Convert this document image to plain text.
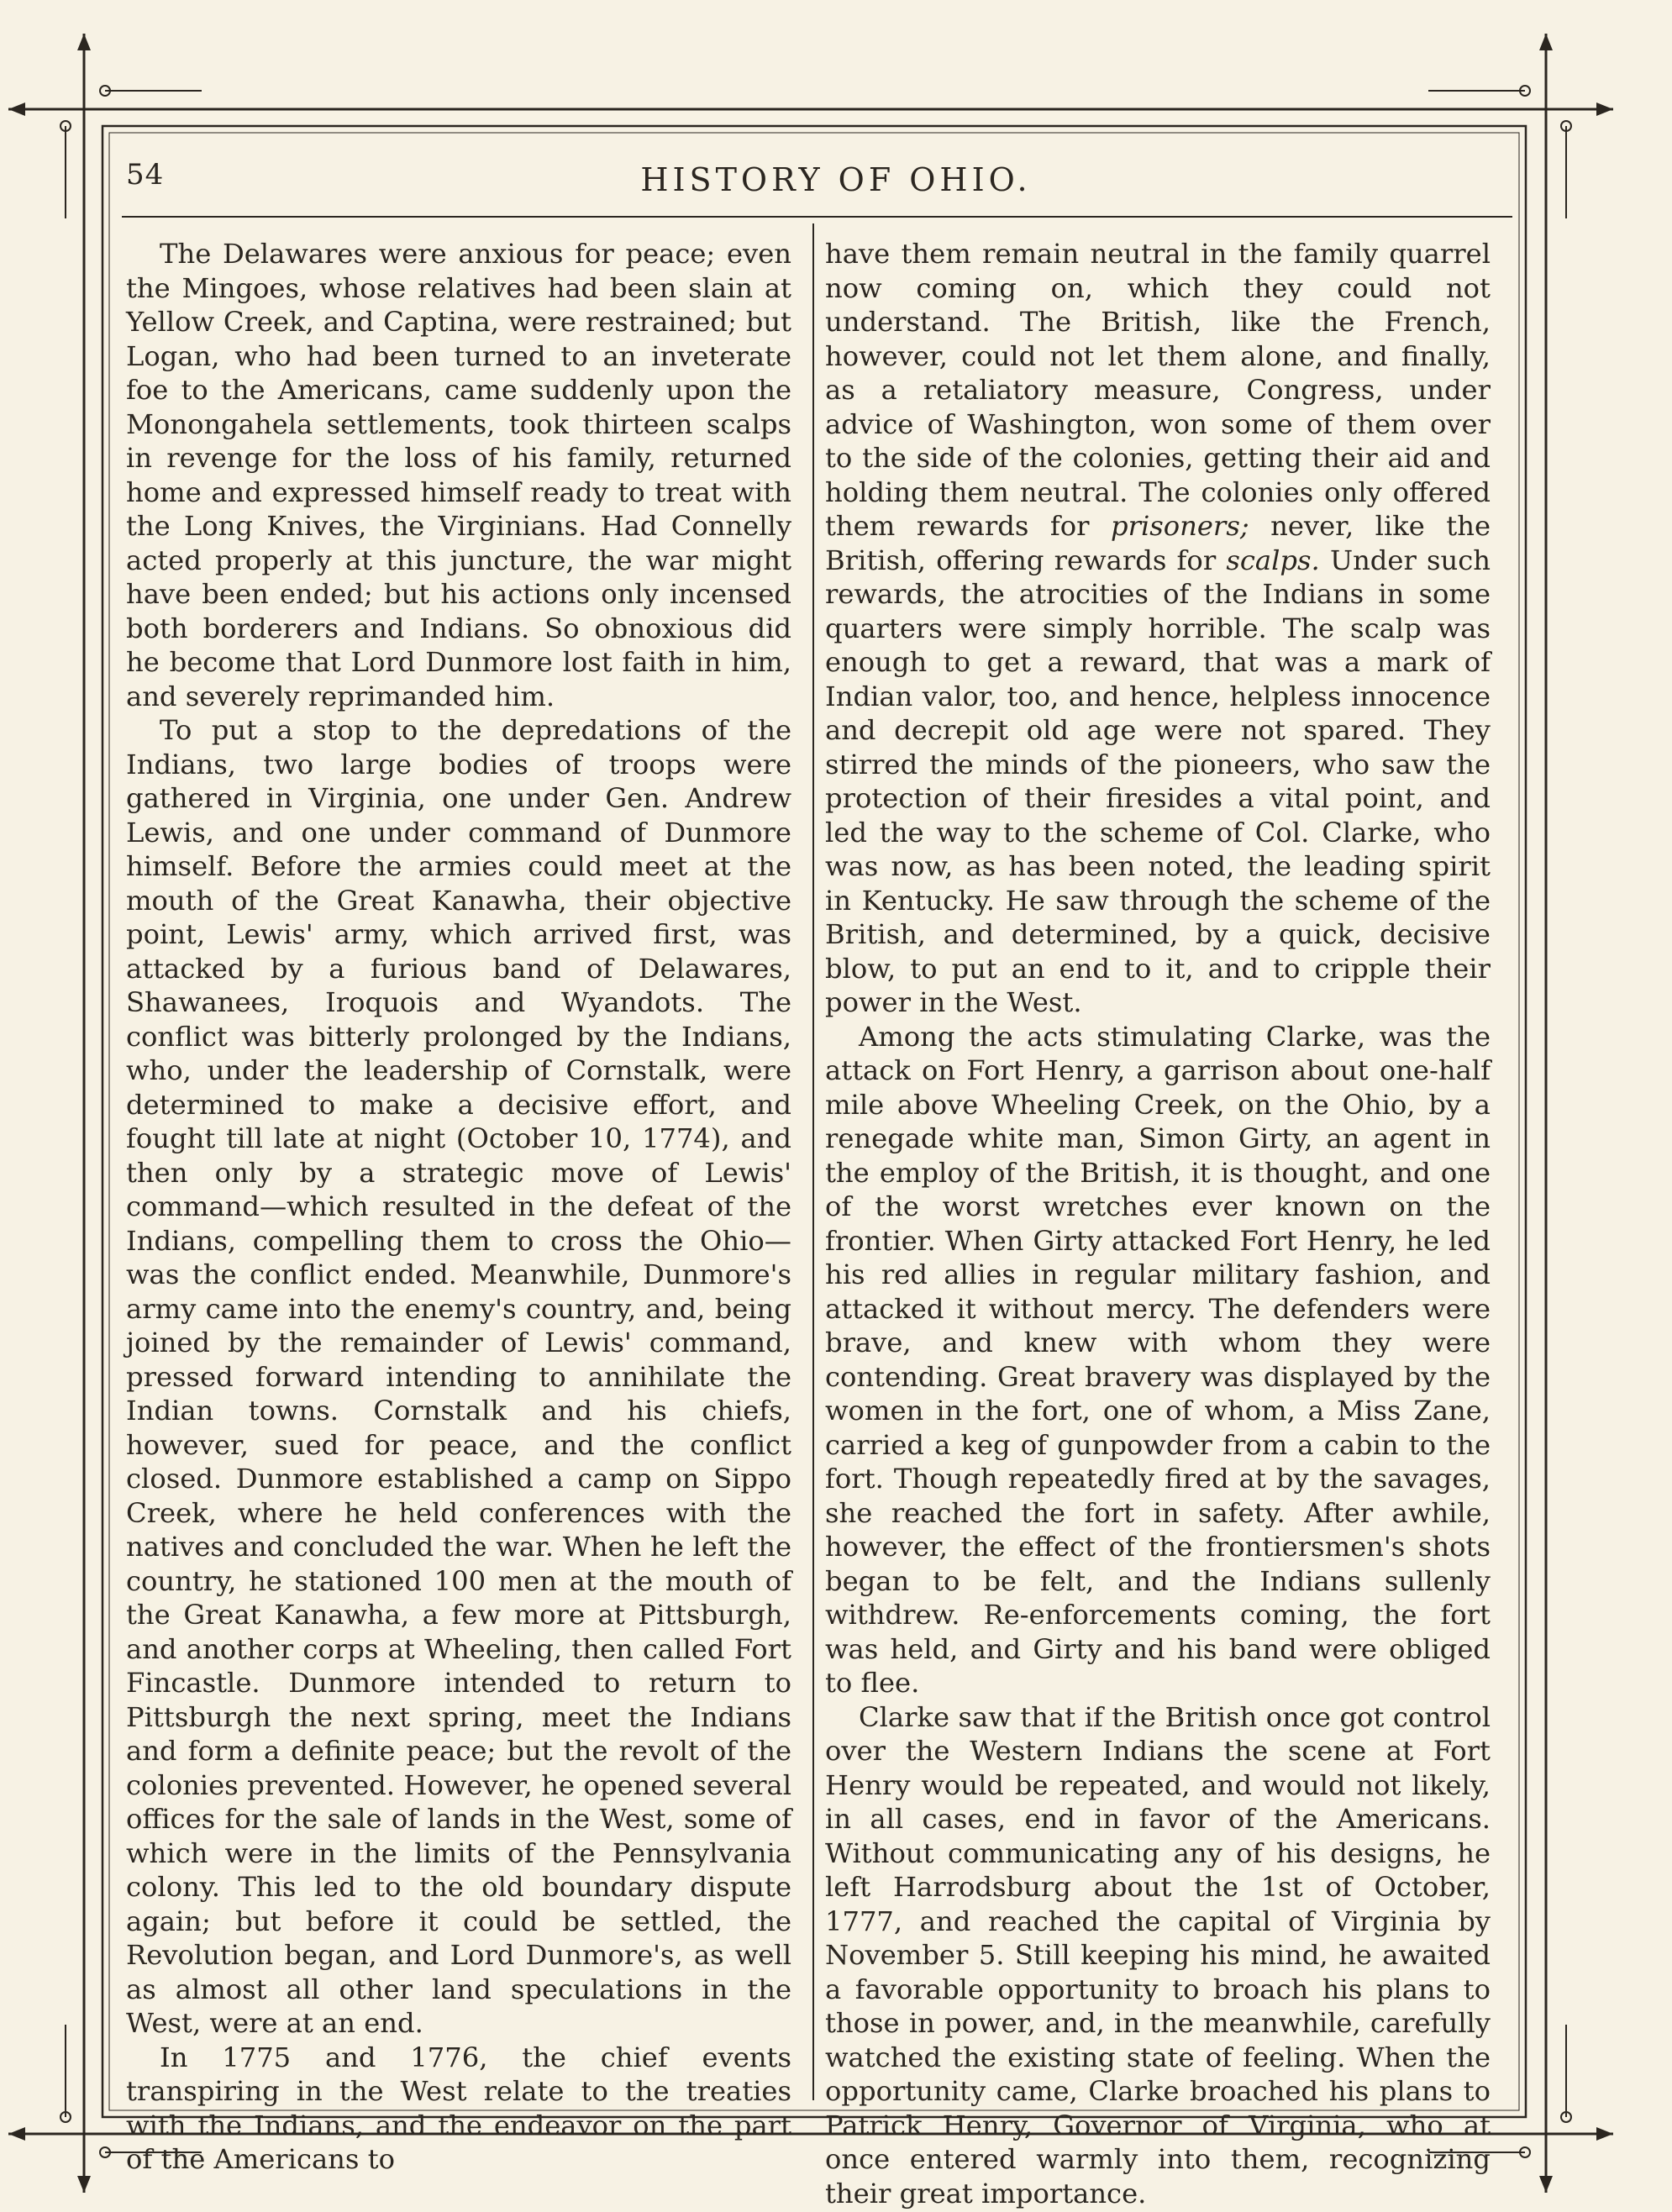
54	HISTORY OF OHIO.

The Delawares were anxious for peace; even the Mingoes, whose relatives had been slain at Yellow Creek, and Captina, were restrained; but Logan, who had been turned to an inveterate foe to the Americans, came suddenly upon the Monongahela settlements, took thirteen scalps in revenge for the loss of his family, returned home and expressed himself ready to treat with the Long Knives, the Virginians. Had Connelly acted properly at this juncture, the war might have been ended; but his actions only incensed both borderers and Indians. So obnoxious did he become that Lord Dunmore lost faith in him, and severely reprimanded him.

To put a stop to the depredations of the Indians, two large bodies of troops were gathered in Virginia, one under Gen. Andrew Lewis, and one under command of Dunmore himself. Before the armies could meet at the mouth of the Great Kanawha, their objective point, Lewis' army, which arrived first, was attacked by a furious band of Delawares, Shawanees, Iroquois and Wyandots. The conflict was bitterly prolonged by the Indians, who, under the leadership of Cornstalk, were determined to make a decisive effort, and fought till late at night (October 10, 1774), and then only by a strategic move of Lewis' command—which resulted in the defeat of the Indians, compelling them to cross the Ohio—was the conflict ended. Meanwhile, Dunmore's army came into the enemy's country, and, being joined by the remainder of Lewis' command, pressed forward intending to annihilate the Indian towns. Cornstalk and his chiefs, however, sued for peace, and the conflict closed. Dunmore established a camp on Sippo Creek, where he held conferences with the natives and concluded the war. When he left the country, he stationed 100 men at the mouth of the Great Kanawha, a few more at Pittsburgh, and another corps at Wheeling, then called Fort Fincastle. Dunmore intended to return to Pittsburgh the next spring, meet the Indians and form a definite peace; but the revolt of the colonies prevented. However, he opened several offices for the sale of lands in the West, some of which were in the limits of the Pennsylvania colony. This led to the old boundary dispute again; but before it could be settled, the Revolution began, and Lord Dunmore's, as well as almost all other land speculations in the West, were at an end.

In 1775 and 1776, the chief events transpiring in the West relate to the treaties with the Indians, and the endeavor on the part of the Americans to

have them remain neutral in the family quarrel now coming on, which they could not understand. The British, like the French, however, could not let them alone, and finally, as a retaliatory measure, Congress, under advice of Washington, won some of them over to the side of the colonies, getting their aid and holding them neutral. The colonies only offered them rewards for prisoners; never, like the British, offering rewards for scalps. Under such rewards, the atrocities of the Indians in some quarters were simply horrible. The scalp was enough to get a reward, that was a mark of Indian valor, too, and hence, helpless innocence and decrepit old age were not spared. They stirred the minds of the pioneers, who saw the protection of their firesides a vital point, and led the way to the scheme of Col. Clarke, who was now, as has been noted, the leading spirit in Kentucky. He saw through the scheme of the British, and determined, by a quick, decisive blow, to put an end to it, and to cripple their power in the West.

Among the acts stimulating Clarke, was the attack on Fort Henry, a garrison about one-half mile above Wheeling Creek, on the Ohio, by a renegade white man, Simon Girty, an agent in the employ of the British, it is thought, and one of the worst wretches ever known on the frontier. When Girty attacked Fort Henry, he led his red allies in regular military fashion, and attacked it without mercy. The defenders were brave, and knew with whom they were contending. Great bravery was displayed by the women in the fort, one of whom, a Miss Zane, carried a keg of gunpowder from a cabin to the fort. Though repeatedly fired at by the savages, she reached the fort in safety. After awhile, however, the effect of the frontiersmen's shots began to be felt, and the Indians sullenly withdrew. Re-enforcements coming, the fort was held, and Girty and his band were obliged to flee.

Clarke saw that if the British once got control over the Western Indians the scene at Fort Henry would be repeated, and would not likely, in all cases, end in favor of the Americans. Without communicating any of his designs, he left Harrodsburg about the 1st of October, 1777, and reached the capital of Virginia by November 5. Still keeping his mind, he awaited a favorable opportunity to broach his plans to those in power, and, in the meanwhile, carefully watched the existing state of feeling. When the opportunity came, Clarke broached his plans to Patrick Henry, Governor of Virginia, who at once entered warmly into them, recognizing their great importance.
